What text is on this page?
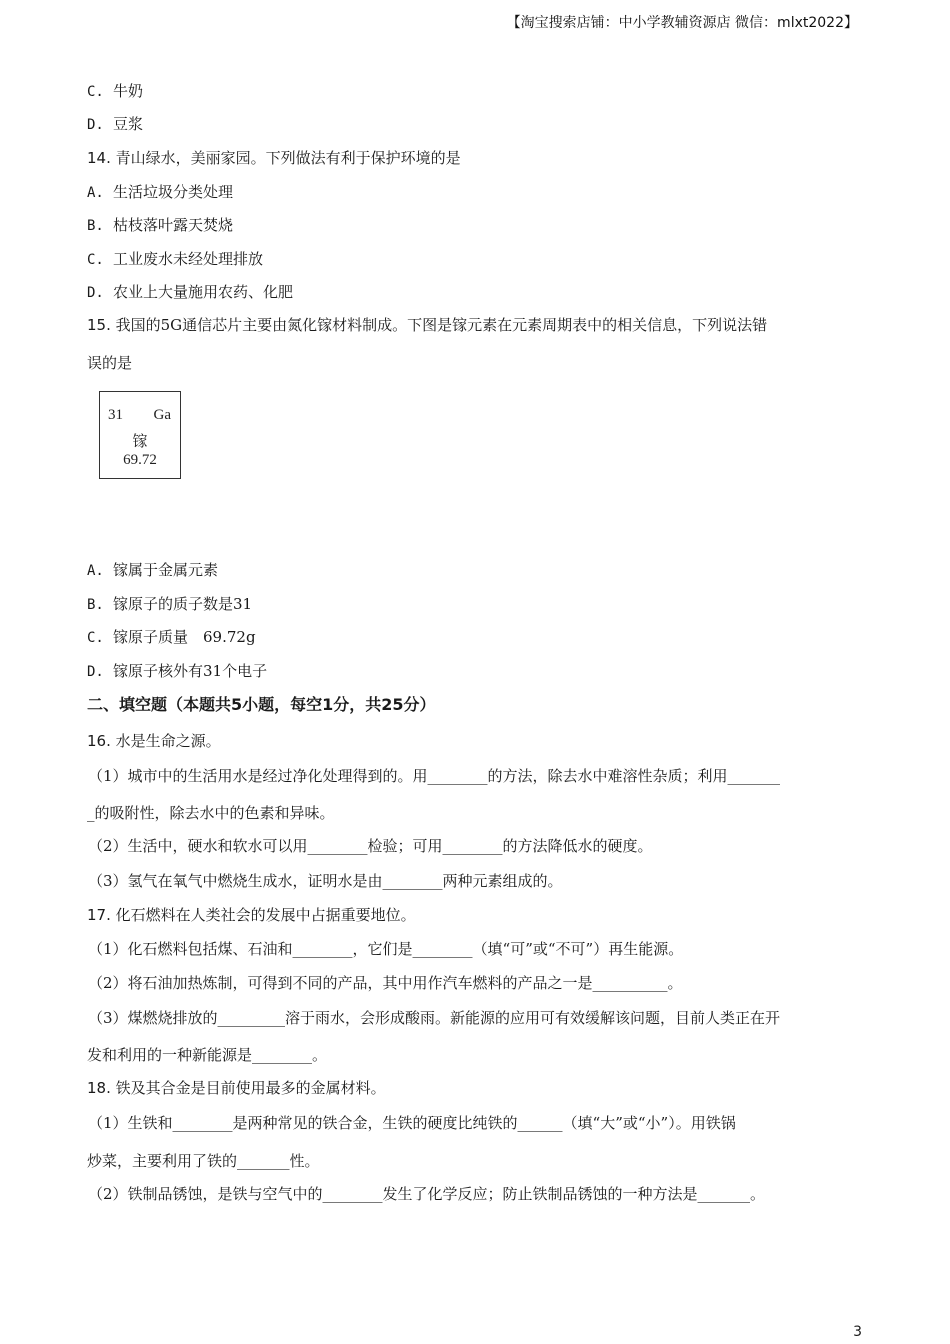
【淘宝搜索店铺：中小学教辅资源店 微信：mlxt2022】
C. 牛奶
D. 豆浆
14. 青山绿水，美丽家园。下列做法有利于保护环境的是
A. 生活垃圾分类处理
B. 枯枝落叶露天焚烧
C. 工业废水未经处理排放
D. 农业上大量施用农药、化肥
15. 我国的5G通信芯片主要由氮化镓材料制成。下图是镓元素在元素周期表中的相关信息，下列说法错
误的是
31 Ga
镓
69.72
A. 镓属于金属元素
B. 镓原子的质子数是31
C. 镓原子质量　69.72g
D. 镓原子核外有31个电子
二、填空题（本题共5小题，每空1分，共25分）
16. 水是生命之源。
（1）城市中的生活用水是经过净化处理得到的。用________的方法，除去水中难溶性杂质；利用_______
_的吸附性，除去水中的色素和异味。
（2）生活中，硬水和软水可以用________检验；可用________的方法降低水的硬度。
（3）氢气在氧气中燃烧生成水，证明水是由________两种元素组成的。
17. 化石燃料在人类社会的发展中占据重要地位。
（1）化石燃料包括煤、石油和________，它们是________（填“可”或“不可”）再生能源。
（2）将石油加热炼制，可得到不同的产品，其中用作汽车燃料的产品之一是__________。
（3）煤燃烧排放的_________溶于雨水，会形成酸雨。新能源的应用可有效缓解该问题，目前人类正在开
发和利用的一种新能源是________。
18. 铁及其合金是目前使用最多的金属材料。
（1）生铁和________是两种常见的铁合金，生铁的硬度比纯铁的______（填“大”或“小”）。用铁锅
炒菜，主要利用了铁的_______性。
（2）铁制品锈蚀，是铁与空气中的________发生了化学反应；防止铁制品锈蚀的一种方法是_______。
3
